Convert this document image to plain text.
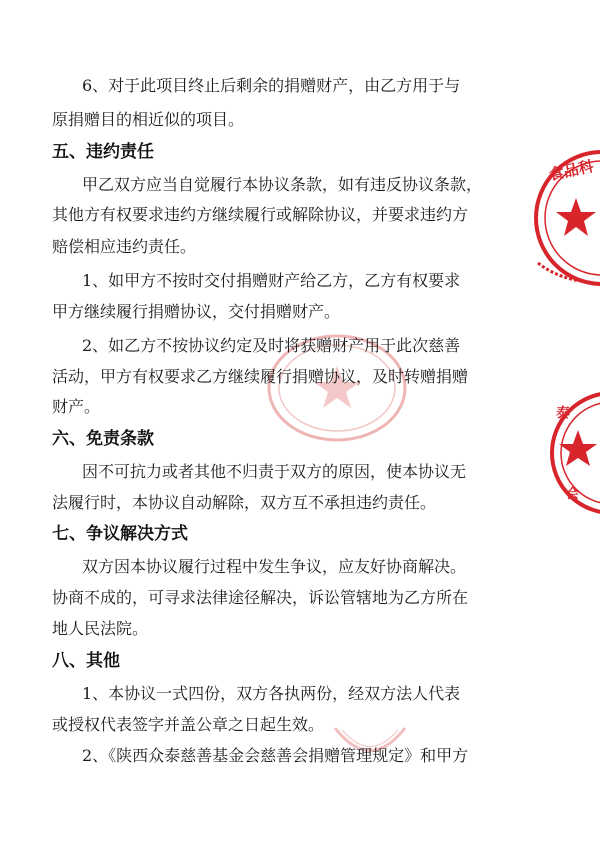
食品科
泰
会
6、对于此项目终止后剩余的捐赠财产，由乙方用于与
原捐赠目的相近似的项目。
五、违约责任
甲乙双方应当自觉履行本协议条款，如有违反协议条款，
其他方有权要求违约方继续履行或解除协议，并要求违约方
赔偿相应违约责任。
1、如甲方不按时交付捐赠财产给乙方，乙方有权要求
甲方继续履行捐赠协议，交付捐赠财产。
2、如乙方不按协议约定及时将获赠财产用于此次慈善
活动，甲方有权要求乙方继续履行捐赠协议，及时转赠捐赠
财产。
六、免责条款
因不可抗力或者其他不归责于双方的原因，使本协议无
法履行时，本协议自动解除，双方互不承担违约责任。
七、争议解决方式
双方因本协议履行过程中发生争议，应友好协商解决。
协商不成的，可寻求法律途径解决，诉讼管辖地为乙方所在
地人民法院。
八、其他
1、本协议一式四份，双方各执两份，经双方法人代表
或授权代表签字并盖公章之日起生效。
2、《陕西众泰慈善基金会慈善会捐赠管理规定》和甲方
